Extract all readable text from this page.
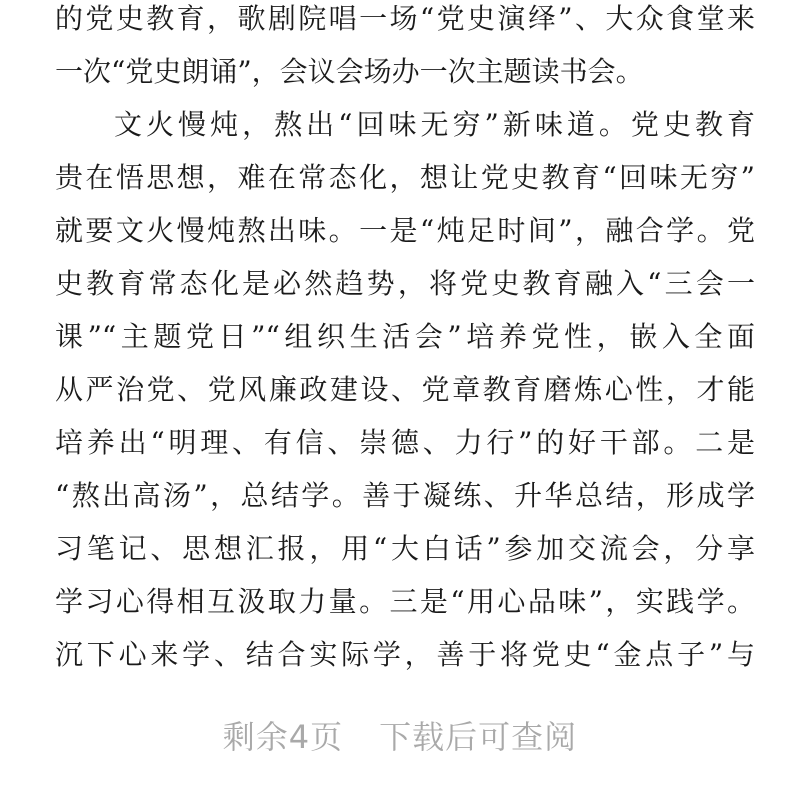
的党史教育，歌剧院唱一场“党史演绎”、大众食堂来
一次“党史朗诵”，会议会场办一次主题读书会。
文火慢炖，熬出“回味无穷”新味道。党史教育
贵在悟思想，难在常态化，想让党史教育“回味无穷”
就要文火慢炖熬出味。一是“炖足时间”，融合学。党
史教育常态化是必然趋势，将党史教育融入“三会一
课”“主题党日”“组织生活会”培养党性，嵌入全面
从严治党、党风廉政建设、党章教育磨炼心性，才能
培养出“明理、有信、崇德、力行”的好干部。二是
“熬出高汤”，总结学。善于凝练、升华总结，形成学
习笔记、思想汇报，用“大白话”参加交流会，分享
学习心得相互汲取力量。三是“用心品味”，实践学。
沉下心来学、结合实际学，善于将党史“金点子”与
剩余4页 下载后可查阅
